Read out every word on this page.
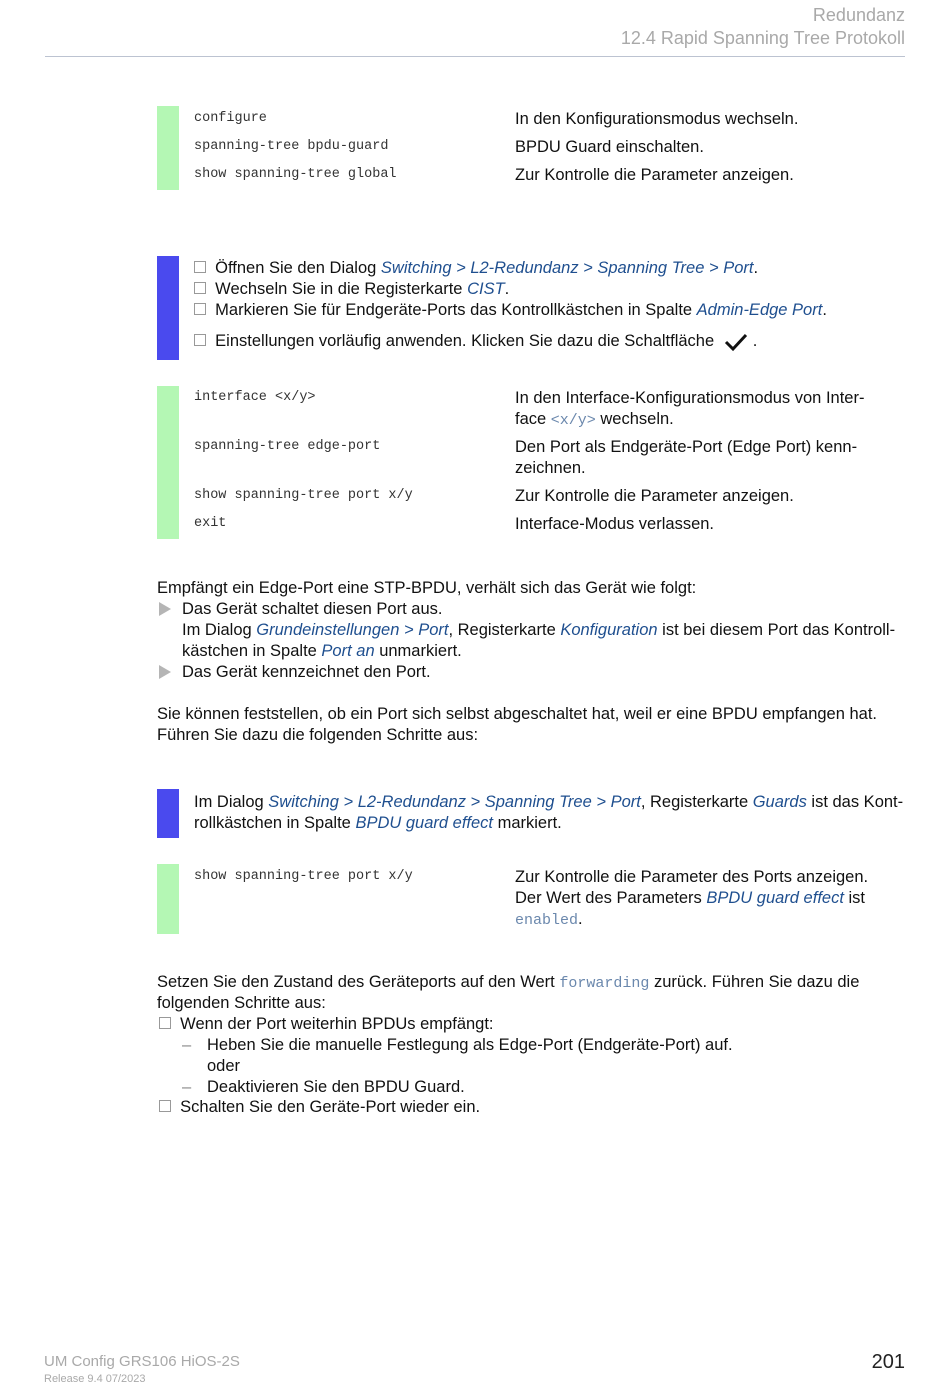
Redundanz
12.4 Rapid Spanning Tree Protokoll
configure	In den Konfigurationsmodus wechseln.
spanning-tree bpdu-guard	BPDU Guard einschalten.
show spanning-tree global	Zur Kontrolle die Parameter anzeigen.
Öffnen Sie den Dialog Switching > L2-Redundanz > Spanning Tree > Port.
Wechseln Sie in die Registerkarte CIST.
Markieren Sie für Endgeräte-Ports das Kontrollkästchen in Spalte Admin-Edge Port.
Einstellungen vorläufig anwenden. Klicken Sie dazu die Schaltfläche .
interface <x/y>	In den Interface-Konfigurationsmodus von Inter-
face <x/y> wechseln.
spanning-tree edge-port	Den Port als Endgeräte-Port (Edge Port) kenn-
zeichnen.
show spanning-tree port x/y	Zur Kontrolle die Parameter anzeigen.
exit	Interface-Modus verlassen.
Empfängt ein Edge-Port eine STP-BPDU, verhält sich das Gerät wie folgt:
Das Gerät schaltet diesen Port aus.
Im Dialog Grundeinstellungen > Port, Registerkarte Konfiguration ist bei diesem Port das Kontroll-
kästchen in Spalte Port an unmarkiert.
Das Gerät kennzeichnet den Port.
Sie können feststellen, ob ein Port sich selbst abgeschaltet hat, weil er eine BPDU empfangen hat.
Führen Sie dazu die folgenden Schritte aus:
Im Dialog Switching > L2-Redundanz > Spanning Tree > Port, Registerkarte Guards ist das Kont-
rollkästchen in Spalte BPDU guard effect markiert.
show spanning-tree port x/y	Zur Kontrolle die Parameter des Ports anzeigen.
Der Wert des Parameters BPDU guard effect ist
enabled.
Setzen Sie den Zustand des Geräteports auf den Wert forwarding zurück. Führen Sie dazu die
folgenden Schritte aus:
Wenn der Port weiterhin BPDUs empfängt:
– Heben Sie die manuelle Festlegung als Edge-Port (Endgeräte-Port) auf.
oder
– Deaktivieren Sie den BPDU Guard.
Schalten Sie den Geräte-Port wieder ein.
UM Config GRS106 HiOS-2S
Release 9.4 07/2023
201
